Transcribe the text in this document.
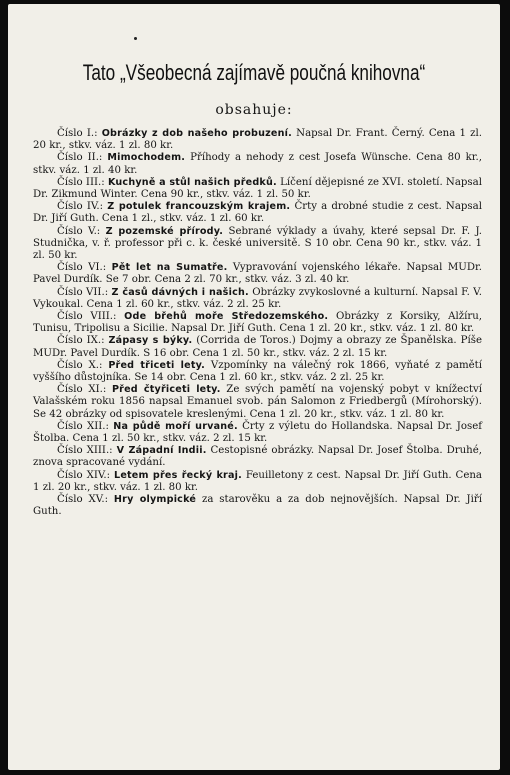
Tato „Všeobecná zajímavě poučná knihovna“
obsahuje:

Číslo I.: Obrázky z dob našeho probuzení. Napsal Dr. Frant. Černý. Cena 1 zl. 20 kr., stkv. váz. 1 zl. 80 kr.

Číslo II.: Mimochodem. Příhody a nehody z cest Josefa Wünsche. Cena 80 kr., stkv. váz. 1 zl. 40 kr.

Číslo III.: Kuchyně a stůl našich předků. Líčení dějepisné ze XVI. století. Napsal Dr. Zikmund Winter. Cena 90 kr., stkv. váz. 1 zl. 50 kr.

Číslo IV.: Z potulek francouzským krajem. Črty a drobné studie z cest. Napsal Dr. Jiří Guth. Cena 1 zl., stkv. váz. 1 zl. 60 kr.

Číslo V.: Z pozemské přírody. Sebrané výklady a úvahy, které sepsal Dr. F. J. Studnička, v. ř. professor při c. k. české universitě. S 10 obr. Cena 90 kr., stkv. váz. 1 zl. 50 kr.

Číslo VI.: Pět let na Sumatře. Vypravování vojenského lékaře. Napsal MUDr. Pavel Durdík. Se 7 obr. Cena 2 zl. 70 kr., stkv. váz. 3 zl. 40 kr.

Číslo VII.: Z časů dávných i našich. Obrázky zvykoslovné a kulturní. Napsal F. V. Vykoukal. Cena 1 zl. 60 kr., stkv. váz. 2 zl. 25 kr.

Číslo VIII.: Ode břehů moře Středozemského. Obrázky z Korsiky, Alžíru, Tunisu, Tripolisu a Sicilie. Napsal Dr. Jiří Guth. Cena 1 zl. 20 kr., stkv. váz. 1 zl. 80 kr.

Číslo IX.: Zápasy s býky. (Corrida de Toros.) Dojmy a obrazy ze Španělska. Píše MUDr. Pavel Durdík. S 16 obr. Cena 1 zl. 50 kr., stkv. váz. 2 zl. 15 kr.

Číslo X.: Před třiceti lety. Vzpomínky na válečný rok 1866, vyňaté z pamětí vyššího důstojníka. Se 14 obr. Cena 1 zl. 60 kr., stkv. váz. 2 zl. 25 kr.

Číslo XI.: Před čtyřiceti lety. Ze svých pamětí na vojenský pobyt v knížectví Valašském roku 1856 napsal Emanuel svob. pán Salomon z Friedbergů (Mírohorský). Se 42 obrázky od spisovatele kreslenými. Cena 1 zl. 20 kr., stkv. váz. 1 zl. 80 kr.

Číslo XII.: Na půdě moří urvané. Črty z výletu do Hollandska. Napsal Dr. Josef Štolba. Cena 1 zl. 50 kr., stkv. váz. 2 zl. 15 kr.

Číslo XIII.: V Západní Indii. Cestopisné obrázky. Napsal Dr. Josef Štolba. Druhé, znova spracované vydání.

Číslo XIV.: Letem přes řecký kraj. Feuilletony z cest. Napsal Dr. Jiří Guth. Cena 1 zl. 20 kr., stkv. váz. 1 zl. 80 kr.

Číslo XV.: Hry olympické za starověku a za dob nejnovějších. Napsal Dr. Jiří Guth.
